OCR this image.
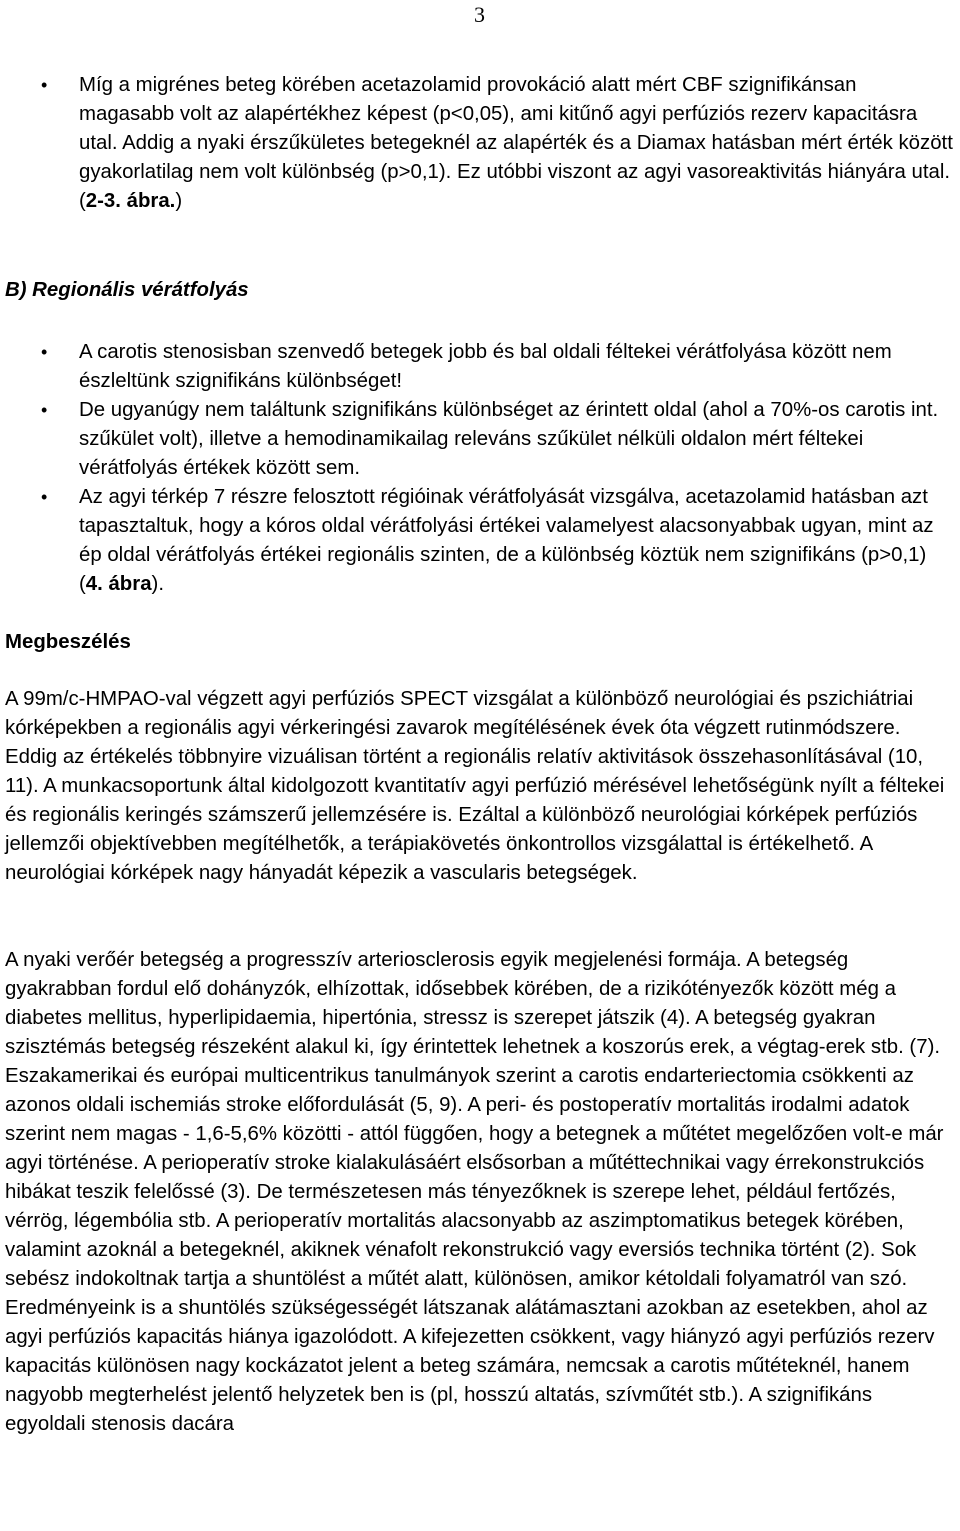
3
• Míg a migrénes beteg körében acetazolamid provokáció alatt mért CBF szignifikánsan magasabb volt az alapértékhez képest (p<0,05), ami kitűnő agyi perfúziós rezerv kapacitásra utal. Addig a nyaki érszűkületes betegeknél az alapérték és a Diamax hatásban mért érték között gyakorlatilag nem volt különbség (p>0,1). Ez utóbbi viszont az agyi vasoreaktivitás hiányára utal. (2-3. ábra.)
B) Regionális vérátfolyás
• A carotis stenosisban szenvedő betegek jobb és bal oldali féltekei vérátfolyása között nem észleltünk szignifikáns különbséget!
• De ugyanúgy nem találtunk szignifikáns különbséget az érintett oldal (ahol a 70%-os carotis int. szűkület volt), illetve a hemodinamikailag releváns szűkület nélküli oldalon mért féltekei vérátfolyás értékek között sem.
• Az agyi térkép 7 részre felosztott régióinak vérátfolyását vizsgálva, acetazolamid hatásban azt tapasztaltuk, hogy a kóros oldal vérátfolyási értékei valamelyest alacsonyabbak ugyan, mint az ép oldal vérátfolyás értékei regionális szinten, de a különbség köztük nem szignifikáns (p>0,1) (4. ábra).
Megbeszélés

A 99m/c-HMPAO-val végzett agyi perfúziós SPECT vizsgálat a különböző neurológiai és pszichiátriai kórképekben a regionális agyi vérkeringési zavarok megítélésének évek óta végzett rutinmódszere. Eddig az értékelés többnyire vizuálisan történt a regionális relatív aktivitások összehasonlításával (10, 11). A munkacsoportunk által kidolgozott kvantitatív agyi perfúzió mérésével lehetőségünk nyílt a féltekei és regionális keringés számszerű jellemzésére is. Ezáltal a különböző neurológiai kórképek perfúziós jellemzői objektívebben megítélhetők, a terápiakövetés önkontrollos vizsgálattal is értékelhető. A neurológiai kórképek nagy hányadát képezik a vascularis betegségek.

A nyaki verőér betegség a progresszív arteriosclerosis egyik megjelenési formája. A betegség gyakrabban fordul elő dohányzók, elhízottak, idősebbek körében, de a rizikótényezők között még a diabetes mellitus, hyperlipidaemia, hipertónia, stressz is szerepet játszik (4). A betegség gyakran szisztémás betegség részeként alakul ki, így érintettek lehetnek a koszorús erek, a végtag-erek stb. (7). Eszakamerikai és európai multicentrikus tanulmányok szerint a carotis endarteriectomia csökkenti az azonos oldali ischemiás stroke előfordulását (5, 9). A peri- és postoperatív mortalitás irodalmi adatok szerint nem magas - 1,6-5,6% közötti - attól függően, hogy a betegnek a műtétet megelőzően volt-e már agyi történése. A perioperatív stroke kialakulásáért elsősorban a műtéttechnikai vagy érrekonstrukciós hibákat teszik felelőssé (3). De természetesen más tényezőknek is szerepe lehet, például fertőzés, vérrög, légembólia stb. A perioperatív mortalitás alacsonyabb az aszimptomatikus betegek körében, valamint azoknál a betegeknél, akiknek vénafolt rekonstrukció vagy eversiós technika történt (2). Sok sebész indokoltnak tartja a shuntölést a műtét alatt, különösen, amikor kétoldali folyamatról van szó. Eredményeink is a shuntölés szükségességét látszanak alátámasztani azokban az esetekben, ahol az agyi perfúziós kapacitás hiánya igazolódott. A kifejezetten csökkent, vagy hiányzó agyi perfúziós rezerv kapacitás különösen nagy kockázatot jelent a beteg számára, nemcsak a carotis műtéteknél, hanem nagyobb megterhelést jelentő helyzetek ben is (pl, hosszú altatás, szívműtét stb.). A szignifikáns egyoldali stenosis dacára
